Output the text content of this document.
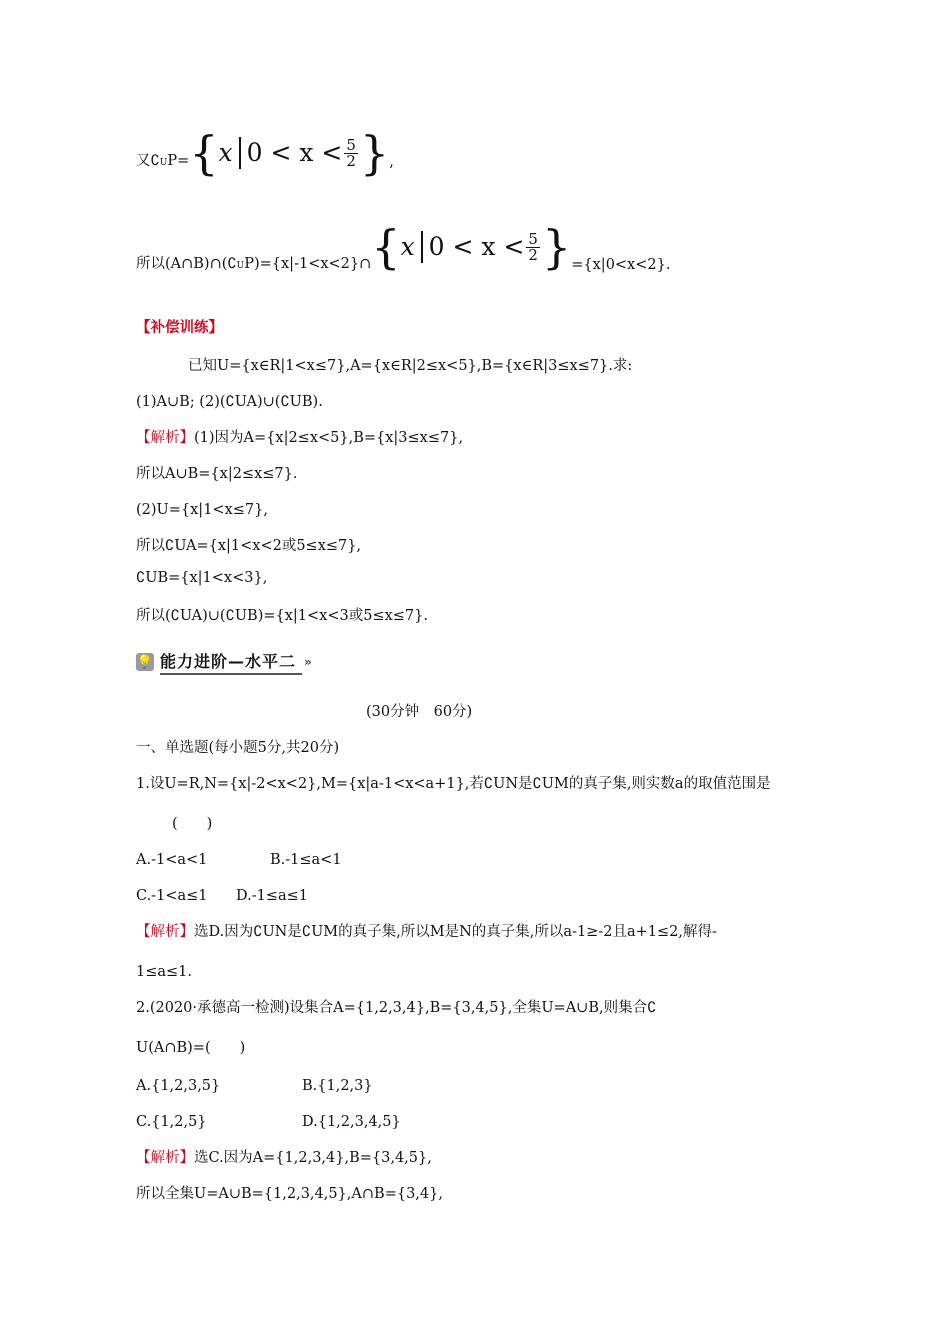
又∁UP= { x $0 < x < \frac{5}{2}$ } ,
所以(A∩B)∩(∁UP)={x|-1<x<2}∩ { x $0 < x < \frac{5}{2}$ } ={x|0<x<2}.
【补偿训练】
已知U={x∈R|1<x≤7},A={x∈R|2≤x<5},B={x∈R|3≤x≤7}.求:
(1)A∪B; (2)(∁UA)∪(∁UB).
【解析】(1)因为A={x|2≤x<5},B={x|3≤x≤7},
所以A∪B={x|2≤x≤7}.
(2)U={x|1<x≤7},
所以∁UA={x|1<x<2或5≤x≤7},
∁UB={x|1<x<3},
所以(∁UA)∪(∁UB)={x|1<x<3或5≤x≤7}.
💡 能力进阶—水平二 »
(30分钟　60分)
一、单选题(每小题5分,共20分)
1.设U=R,N={x|-2<x<2},M={x|a-1<x<a+1},若∁UN是∁UM的真子集,则实数a的取值范围是
(　　)
A.-1<a<1	B.-1≤a<1
C.-1<a≤1 D.-1≤a≤1
【解析】选D.因为∁UN是∁UM的真子集,所以M是N的真子集,所以a-1≥-2且a+1≤2,解得-
1≤a≤1.
2.(2020·承德高一检测)设集合A={1,2,3,4},B={3,4,5},全集U=A∪B,则集合∁
U(A∩B)=(　　)
A.{1,2,3,5}	B.{1,2,3}
C.{1,2,5}	D.{1,2,3,4,5}
【解析】选C.因为A={1,2,3,4},B={3,4,5},
所以全集U=A∪B={1,2,3,4,5},A∩B={3,4},
